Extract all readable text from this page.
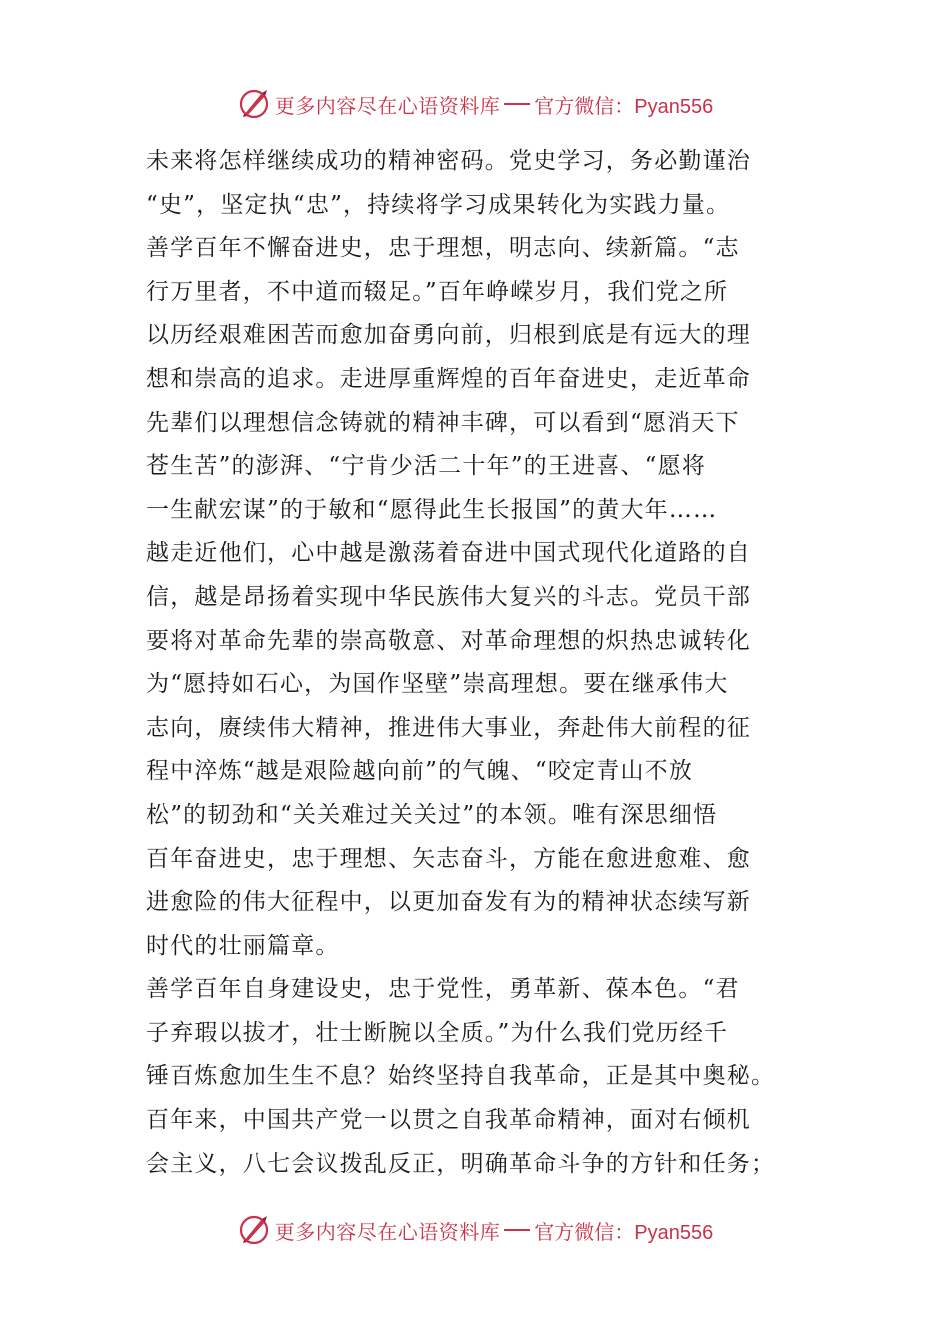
更多内容尽在心语资料库 官方微信：Pyan556
未来将怎样继续成功的精神密码。党史学习，务必勤谨治
“史”，坚定执“忠”，持续将学习成果转化为实践力量。
善学百年不懈奋进史，忠于理想，明志向、续新篇。“志
行万里者，不中道而辍足。”百年峥嵘岁月，我们党之所
以历经艰难困苦而愈加奋勇向前，归根到底是有远大的理
想和崇高的追求。走进厚重辉煌的百年奋进史，走近革命
先辈们以理想信念铸就的精神丰碑，可以看到“愿消天下
苍生苦”的澎湃、“宁肯少活二十年”的王进喜、“愿将
一生献宏谋”的于敏和“愿得此生长报国”的黄大年……
越走近他们，心中越是激荡着奋进中国式现代化道路的自
信，越是昂扬着实现中华民族伟大复兴的斗志。党员干部
要将对革命先辈的崇高敬意、对革命理想的炽热忠诚转化
为“愿持如石心，为国作坚壁”崇高理想。要在继承伟大
志向，赓续伟大精神，推进伟大事业，奔赴伟大前程的征
程中淬炼“越是艰险越向前”的气魄、“咬定青山不放
松”的韧劲和“关关难过关关过”的本领。唯有深思细悟
百年奋进史，忠于理想、矢志奋斗，方能在愈进愈难、愈
进愈险的伟大征程中，以更加奋发有为的精神状态续写新
时代的壮丽篇章。
善学百年自身建设史，忠于党性，勇革新、葆本色。“君
子弃瑕以拔才，壮士断腕以全质。”为什么我们党历经千
锤百炼愈加生生不息？始终坚持自我革命，正是其中奥秘。
百年来，中国共产党一以贯之自我革命精神，面对右倾机
会主义，八七会议拨乱反正，明确革命斗争的方针和任务；
更多内容尽在心语资料库 官方微信：Pyan556
